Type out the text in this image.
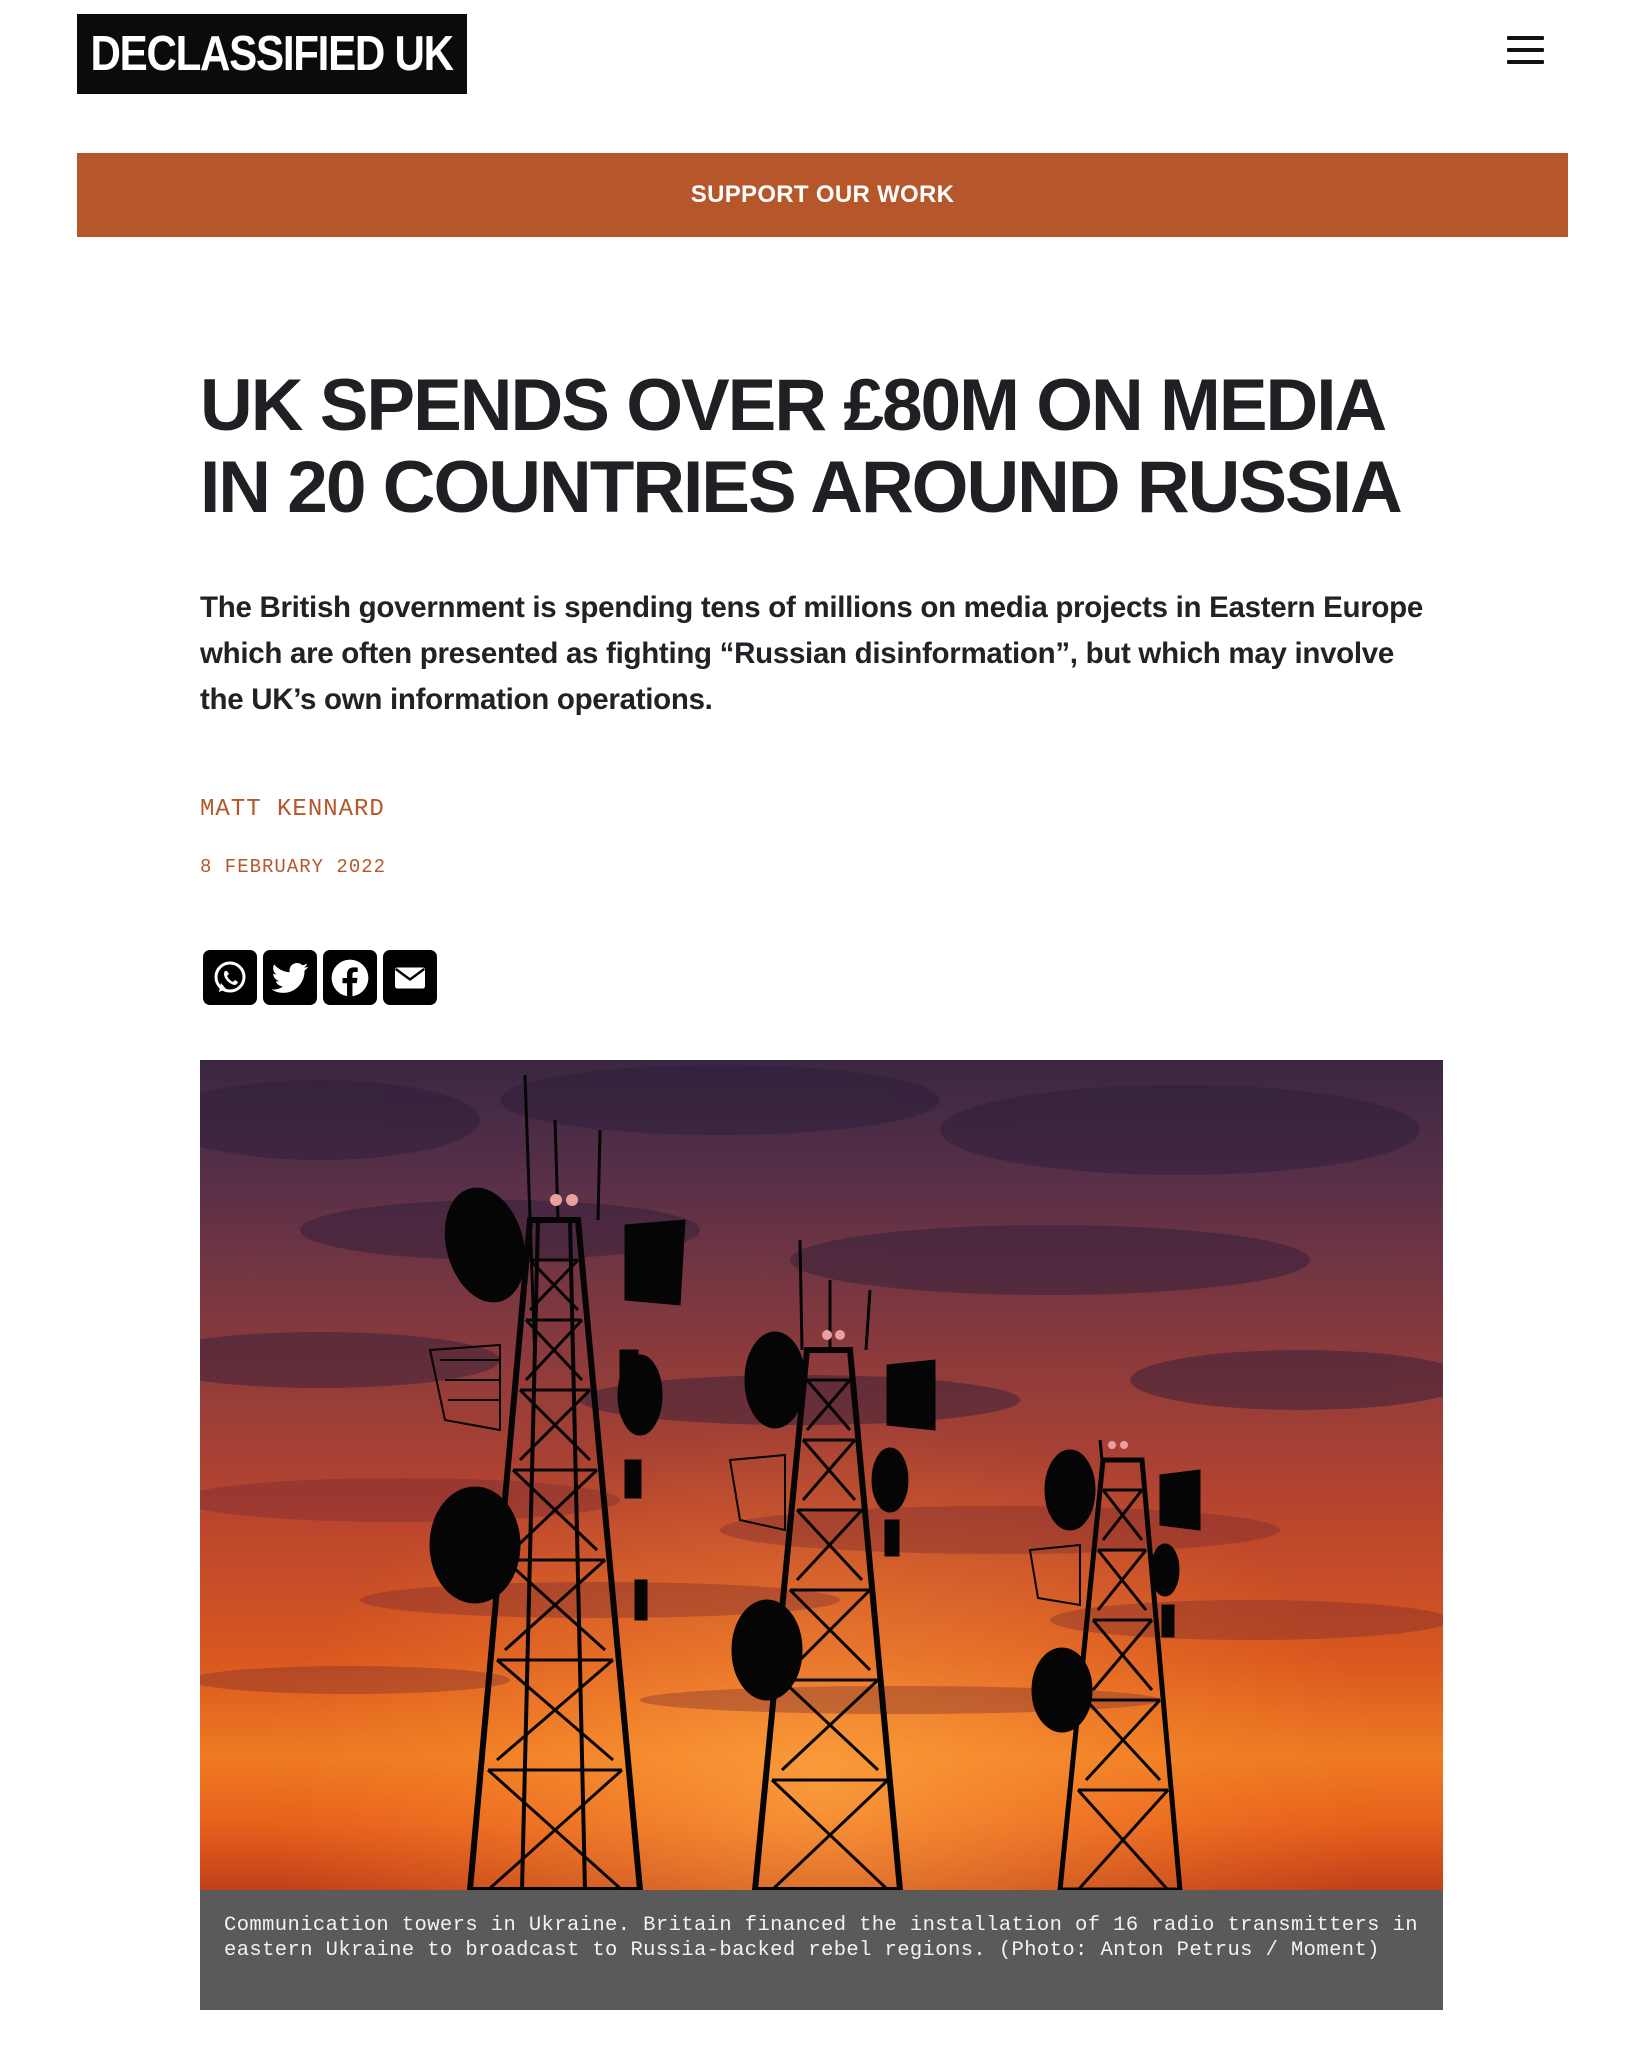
DECLASSIFIED UK
SUPPORT OUR WORK
UK SPENDS OVER £80M ON MEDIA IN 20 COUNTRIES AROUND RUSSIA

The British government is spending tens of millions on media projects in Eastern Europe which are often presented as fighting “Russian disinformation”, but which may involve the UK’s own information operations.

MATT KENNARD
8 FEBRUARY 2022
Communication towers in Ukraine. Britain financed the installation of 16 radio transmitters in eastern Ukraine to broadcast to Russia-backed rebel regions. (Photo: Anton Petrus / Moment)
